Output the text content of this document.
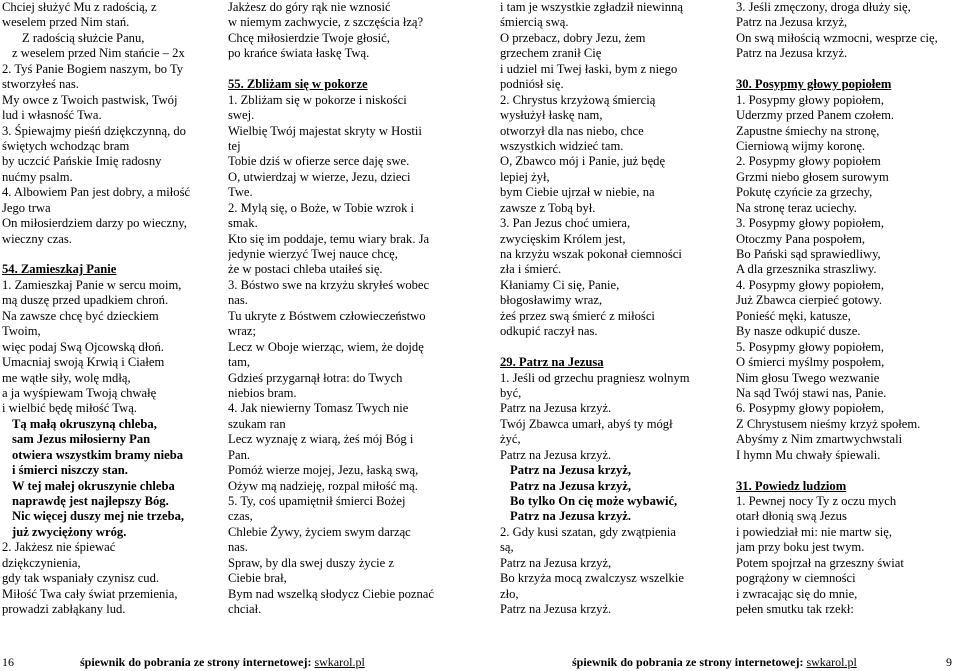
Chciej służyć Mu z radością, z
weselem przed Nim stań.
Z radością służcie Panu,
z weselem przed Nim stańcie – 2x
2. Tyś Panie Bogiem naszym, bo Ty
stworzyłeś nas.
My owce z Twoich pastwisk, Twój
lud i własność Twa.
3. Śpiewajmy pieśń dziękczynną, do
świętych wchodząc bram
by uczcić Pańskie Imię radosny
nućmy psalm.
4. Albowiem Pan jest dobry, a miłość
Jego trwa
On miłosierdziem darzy po wieczny,
wieczny czas.
54. Zamieszkaj Panie
1. Zamieszkaj Panie w sercu moim,
mą duszę przed upadkiem chroń.
Na zawsze chcę być dzieckiem
Twoim,
więc podaj Swą Ojcowską dłoń.
Umacniaj swoją Krwią i Ciałem
me wątłe siły, wolę mdłą,
a ja wyśpiewam Twoją chwałę
i wielbić będę miłość Twą.
Tą małą okruszyną chleba,
sam Jezus miłosierny Pan
otwiera wszystkim bramy nieba
i śmierci niszczy stan.
W tej małej okruszynie chleba
naprawdę jest najlepszy Bóg.
Nic więcej duszy mej nie trzeba,
już zwyciężony wróg.
2. Jakżesz nie śpiewać
dziękczynienia,
gdy tak wspaniały czynisz cud.
Miłość Twa cały świat przemienia,
prowadzi zabłąkany lud.
Jakżesz do góry rąk nie wznosić
w niemym zachwycie, z szczęścia łzą?
Chcę miłosierdzie Twoje głosić,
po krańce świata łaskę Twą.
55. Zbliżam się w pokorze
1. Zbliżam się w pokorze i niskości
swej.
Wielbię Twój majestat skryty w Hostii
tej
Tobie dziś w ofierze serce daję swe.
O, utwierdzaj w wierze, Jezu, dzieci
Twe.
2. Mylą się, o Boże, w Tobie wzrok i
smak.
Kto się im poddaje, temu wiary brak. Ja
jedynie wierzyć Twej nauce chcę,
że w postaci chleba utaiłeś się.
3. Bóstwo swe na krzyżu skryłeś wobec
nas.
Tu ukryte z Bóstwem człowieczeństwo
wraz;
Lecz w Oboje wierząc, wiem, że dojdę
tam,
Gdzieś przygarnął łotra: do Twych
niebios bram.
4. Jak niewierny Tomasz Twych nie
szukam ran
Lecz wyznaję z wiarą, żeś mój Bóg i
Pan.
Pomóż wierze mojej, Jezu, łaską swą,
Ożyw mą nadzieję, rozpal miłość mą.
5. Ty, coś upamiętnił śmierci Bożej
czas,
Chlebie Żywy, życiem swym darząc
nas.
Spraw, by dla swej duszy życie z
Ciebie brał,
Bym nad wszelką słodycz Ciebie poznać
chciał.
i tam je wszystkie zgładził niewinną
śmiercią swą.
O przebacz, dobry Jezu, żem
grzechem zranił Cię
i udziel mi Twej łaski, bym z niego
podniósł się.
2. Chrystus krzyżową śmiercią
wysłużył łaskę nam,
otworzył dla nas niebo, chce
wszystkich widzieć tam.
O, Zbawco mój i Panie, już będę
lepiej żył,
bym Ciebie ujrzał w niebie, na
zawsze z Tobą był.
3. Pan Jezus choć umiera,
zwycięskim Królem jest,
na krzyżu wszak pokonał ciemności
zła i śmierć.
Kłaniamy Ci się, Panie,
błogosławimy wraz,
żeś przez swą śmierć z miłości
odkupić raczył nas.
29. Patrz na Jezusa
1. Jeśli od grzechu pragniesz wolnym
być,
Patrz na Jezusa krzyż.
Twój Zbawca umarł, abyś ty mógł
żyć,
Patrz na Jezusa krzyż.
Patrz na Jezusa krzyż,
Patrz na Jezusa krzyż,
Bo tylko On cię może wybawić,
Patrz na Jezusa krzyż.
2. Gdy kusi szatan, gdy zwątpienia
są,
Patrz na Jezusa krzyż,
Bo krzyża mocą zwalczysz wszelkie
zło,
Patrz na Jezusa krzyż.
3. Jeśli zmęczony, droga dłuży się,
Patrz na Jezusa krzyż,
On swą miłością wzmocni, wesprze cię,
Patrz na Jezusa krzyż.
30. Posypmy głowy popiołem
1. Posypmy głowy popiołem,
Uderzmy przed Panem czołem.
Zapustne śmiechy na stronę,
Cierniową wijmy koronę.
2. Posypmy głowy popiołem
Grzmi niebo głosem surowym
Pokutę czyńcie za grzechy,
Na stronę teraz uciechy.
3. Posypmy głowy popiołem,
Otoczmy Pana pospołem,
Bo Pański sąd sprawiedliwy,
A dla grzesznika straszliwy.
4. Posypmy głowy popiołem,
Już Zbawca cierpieć gotowy.
Ponieść męki, katusze,
By nasze odkupić dusze.
5. Posypmy głowy popiołem,
O śmierci myślmy pospołem,
Nim głosu Twego wezwanie
Na sąd Twój stawi nas, Panie.
6. Posypmy głowy popiołem,
Z Chrystusem nieśmy krzyż społem.
Abyśmy z Nim zmartwychwstali
I hymn Mu chwały śpiewali.
31. Powiedz ludziom
1. Pewnej nocy Ty z oczu mych
otarł dłonią swą Jezus
i powiedział mi: nie martw się,
jam przy boku jest twym.
Potem spojrzał na grzeszny świat
pogrążony w ciemności
i zwracając się do mnie,
pełen smutku tak rzekł:
16	śpiewnik do pobrania ze strony internetowej: swkarol.pl	śpiewnik do pobrania ze strony internetowej: swkarol.pl	9
